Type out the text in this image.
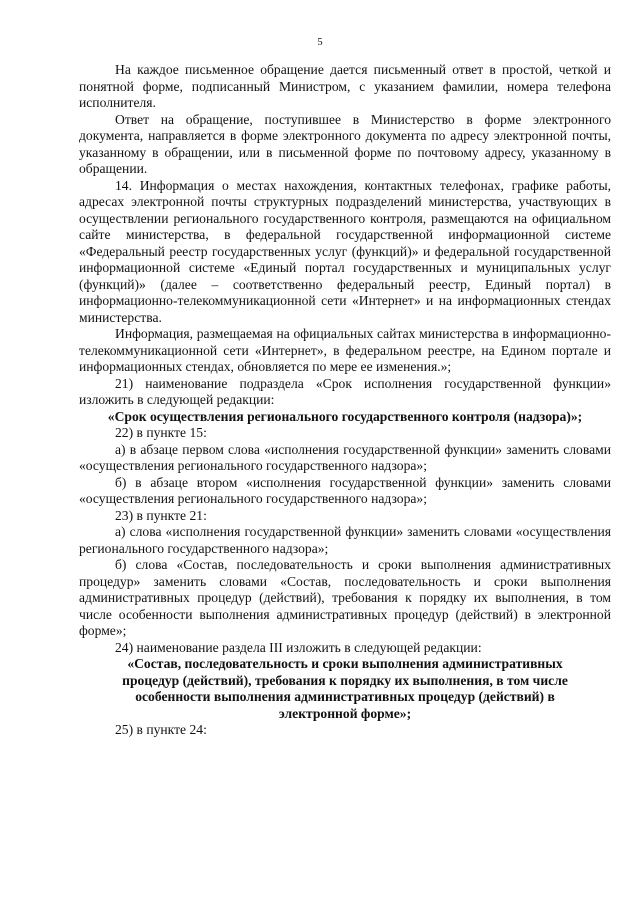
5

На каждое письменное обращение дается письменный ответ в простой, четкой и понятной форме, подписанный Министром, с указанием фамилии, номера телефона исполнителя.

Ответ на обращение, поступившее в Министерство в форме электронного документа, направляется в форме электронного документа по адресу электронной почты, указанному в обращении, или в письменной форме по почтовому адресу, указанному в обращении.

14. Информация о местах нахождения, контактных телефонах, графике работы, адресах электронной почты структурных подразделений министерства, участвующих в осуществлении регионального государственного контроля, размещаются на официальном сайте министерства, в федеральной государственной информационной системе «Федеральный реестр государственных услуг (функций)» и федеральной государственной информационной системе «Единый портал государственных и муниципальных услуг (функций)» (далее – соответственно федеральный реестр, Единый портал) в информационно-телекоммуникационной сети «Интернет» и на информационных стендах министерства.

Информация, размещаемая на официальных сайтах министерства в информационно-телекоммуникационной сети «Интернет», в федеральном реестре, на Едином портале и информационных стендах, обновляется по мере ее изменения.»;

21) наименование подраздела «Срок исполнения государственной функции» изложить в следующей редакции:

«Срок осуществления регионального государственного контроля (надзора)»;

22) в пункте 15:

а) в абзаце первом слова «исполнения государственной функции» заменить словами «осуществления регионального государственного надзора»;

б) в абзаце втором «исполнения государственной функции» заменить словами «осуществления регионального государственного надзора»;

23) в пункте 21:

а) слова «исполнения государственной функции» заменить словами «осуществления регионального государственного надзора»;

б) слова «Состав, последовательность и сроки выполнения административных процедур» заменить словами «Состав, последовательность и сроки выполнения административных процедур (действий), требования к порядку их выполнения, в том числе особенности выполнения административных процедур (действий) в электронной форме»;

24) наименование раздела III изложить в следующей редакции:

«Состав, последовательность и сроки выполнения административных процедур (действий), требования к порядку их выполнения, в том числе особенности выполнения административных процедур (действий) в электронной форме»;

25) в пункте 24:
